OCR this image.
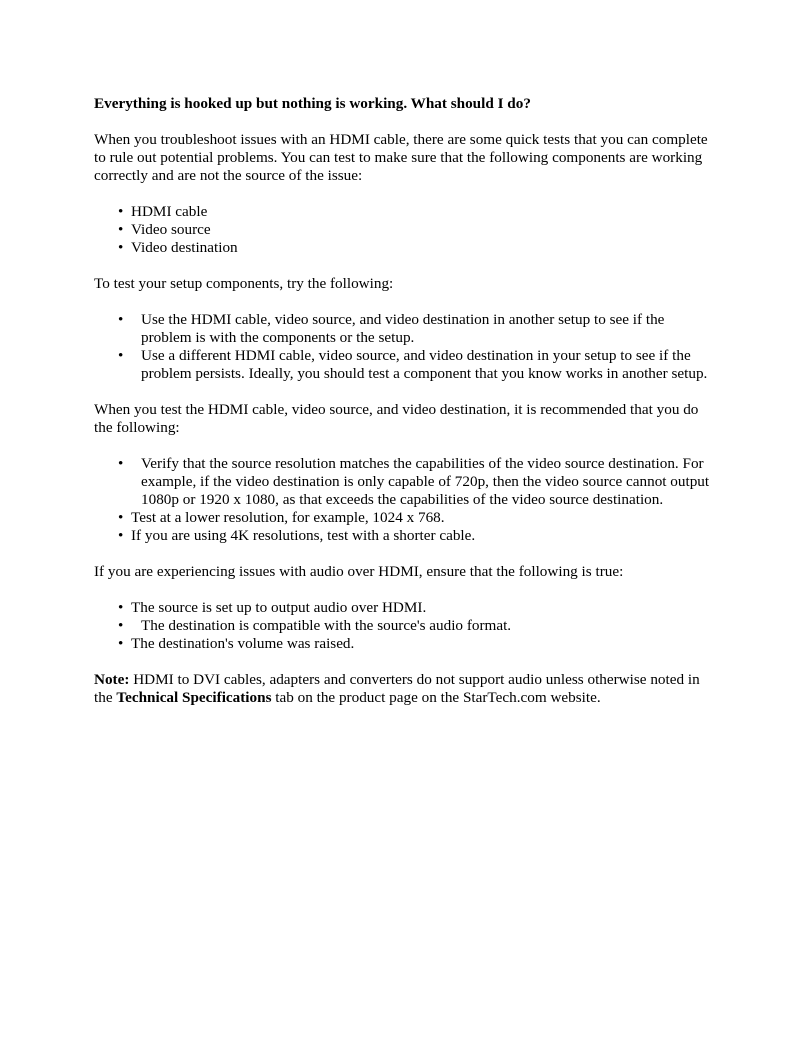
Everything is hooked up but nothing is working. What should I do?

When you troubleshoot issues with an HDMI cable, there are some quick tests that you can complete to rule out potential problems. You can test to make sure that the following components are working correctly and are not the source of the issue:

• HDMI cable
• Video source
• Video destination

To test your setup components, try the following:

• Use the HDMI cable, video source, and video destination in another setup to see if the problem is with the components or the setup.
• Use a different HDMI cable, video source, and video destination in your setup to see if the problem persists. Ideally, you should test a component that you know works in another setup.

When you test the HDMI cable, video source, and video destination, it is recommended that you do the following:

• Verify that the source resolution matches the capabilities of the video source destination. For example, if the video destination is only capable of 720p, then the video source cannot output 1080p or 1920 x 1080, as that exceeds the capabilities of the video source destination.
• Test at a lower resolution, for example, 1024 x 768.
• If you are using 4K resolutions, test with a shorter cable.

If you are experiencing issues with audio over HDMI, ensure that the following is true:

• The source is set up to output audio over HDMI.
• The destination is compatible with the source's audio format.
• The destination's volume was raised.

Note: HDMI to DVI cables, adapters and converters do not support audio unless otherwise noted in the Technical Specifications tab on the product page on the StarTech.com website.
